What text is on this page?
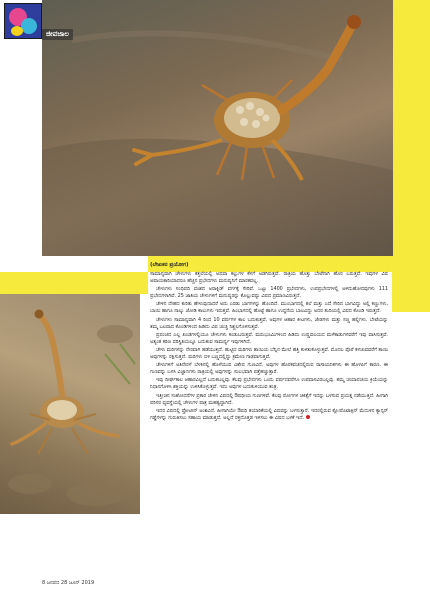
ಜೀವಜಾಲ
(ಲೇಖಕರ ಪ್ರಯೋಗ)

ಸಾಮಾನ್ಯವಾಗಿ ಚೇಳುಗಳು ಕತ್ತಲೆಯಲ್ಲಿ ಅಥವಾ ಕಲ್ಲುಗಳ ಕೆಳಗೆ ಅಡಗಿರುತ್ತವೆ. ರಾತ್ರಿಯ ಹೊತ್ತು ಬೇಟೆಗಾಗಿ ಹೊರ ಬರುತ್ತವೆ. ಇವುಗಳ ವಿಷ ಅಪಾಯಕಾರಿಯಾದರೂ ಹೆಚ್ಚಿನ ಪ್ರಭೇದಗಳು ಮನುಷ್ಯನಿಗೆ ಮಾರಕವಲ್ಲ.

ಚೇಳುಗಳು ಸಂಧಿಪದಿ ವಂಶದ ಅರಾಕ್ನಿಡ್ ವರ್ಗಕ್ಕೆ ಸೇರಿವೆ. ಒಟ್ಟು 1400 ಪ್ರಭೇದಗಳು, ಉಪಪ್ರಭೇದಗಳಲ್ಲಿ ಅಳಿದುಹೋದವುಗಳು 111 ಪ್ರಭೇದಗಳಾಗಿವೆ. 25 ಜಾತಿಯ ಚೇಳುಗಳಿಗೆ ಮನುಷ್ಯರನ್ನು ಕೊಲ್ಲುವಷ್ಟು ವಿಷದ ಪ್ರಮಾಣವಿರುತ್ತದೆ.

ಚೇಳಿನ ದೇಹದ ಕುರಿತು ಹೇಳುವುದಾದರೆ ಅದು ಎರಡು ಭಾಗಗಳನ್ನು ಹೊಂದಿದೆ. ಮುಂಭಾಗದಲ್ಲಿ ತಲೆ ಮತ್ತು ಎದೆ ಸೇರಿದ ಭಾಗವಿದ್ದು ಅಲ್ಲಿ ಕಣ್ಣುಗಳು, ಬಾಯಿ ಹಾಗೂ ನಾಲ್ಕು ಜೋಡಿ ಕಾಲುಗಳು ಇರುತ್ತವೆ. ಹಿಂಭಾಗದಲ್ಲಿ ಹೊಟ್ಟೆ ಹಾಗೂ ಉದ್ದನೆಯ ಬಾಲವಿದ್ದು ಅದರ ತುದಿಯಲ್ಲಿ ವಿಷದ ಕೊಂಡಿ ಇರುತ್ತದೆ.

ಚೇಳುಗಳು ಸಾಮಾನ್ಯವಾಗಿ 4 ರಿಂದ 10 ವರ್ಷಗಳ ಕಾಲ ಬದುಕುತ್ತವೆ. ಅವುಗಳ ಆಹಾರ ಕೀಟಗಳು, ಜೇಡಗಳು ಮತ್ತು ಸಣ್ಣ ಹಲ್ಲಿಗಳು. ಬೇಟೆಯನ್ನು ತಮ್ಮ ಬಲವಾದ ಕೊಂಡಿಗಳಿಂದ ಹಿಡಿದು ವಿಷ ಚುಚ್ಚಿ ನಿಶ್ಚಲಗೊಳಿಸುತ್ತವೆ.

ಪ್ರಪಂಚದ ಎಲ್ಲ ಖಂಡಗಳಲ್ಲಿಯೂ ಚೇಳುಗಳು ಕಂಡುಬರುತ್ತವೆ. ಮರುಭೂಮಿಗಳಿಂದ ಹಿಡಿದು ಉಷ್ಣವಲಯದ ಮಳೆಕಾಡುಗಳವರೆಗೆ ಇವು ವಾಸಿಸುತ್ತವೆ. ಅತ್ಯಂತ ಕಠಿಣ ಪರಿಸ್ಥಿತಿಯಲ್ಲೂ ಬದುಕುವ ಸಾಮರ್ಥ್ಯ ಇವುಗಳಿಗಿದೆ.

ಚೇಳು ಮರಿಗಳನ್ನು ನೇರವಾಗಿ ಹಡೆಯುತ್ತದೆ. ಹುಟ್ಟಿದ ಮರಿಗಳು ತಾಯಿಯ ಬೆನ್ನಿನ ಮೇಲೆ ಹತ್ತಿ ಕುಳಿತುಕೊಳ್ಳುತ್ತವೆ. ಮೊದಲ ಪೊರೆ ಕಳಚುವವರೆಗೆ ತಾಯಿ ಅವುಗಳನ್ನು ರಕ್ಷಿಸುತ್ತದೆ. ಮರಿಗಳು ಬಿಳಿ ಬಣ್ಣದಲ್ಲಿದ್ದು ಕ್ರಮೇಣ ಗಾಢವಾಗುತ್ತವೆ.

ಚೇಳುಗಳಿಗೆ ಅತಿನೇರಳೆ ಬೆಳಕಿನಲ್ಲಿ ಹೊಳೆಯುವ ವಿಶೇಷ ಗುಣವಿದೆ. ಅವುಗಳ ಹೊರಕವಚದಲ್ಲಿರುವ ರಾಸಾಯನಿಕಗಳು ಈ ಹೊಳಪಿಗೆ ಕಾರಣ. ಈ ಗುಣವನ್ನು ಬಳಸಿ ವಿಜ್ಞಾನಿಗಳು ರಾತ್ರಿಯಲ್ಲಿ ಅವುಗಳನ್ನು ಸುಲಭವಾಗಿ ಪತ್ತೆಹಚ್ಚುತ್ತಾರೆ.

ಇವು ದೀರ್ಘಕಾಲ ಆಹಾರವಿಲ್ಲದೆ ಬದುಕಬಲ್ಲವು. ಕೆಲವು ಪ್ರಭೇದಗಳು ಒಂದು ವರ್ಷದವರೆಗೂ ಉಪವಾಸವಿರಬಲ್ಲವು. ತಮ್ಮ ಚಯಾಪಚಯ ಕ್ರಿಯೆಯನ್ನು ನಿಧಾನಗೊಳಿಸಿ ಶಕ್ತಿಯನ್ನು ಉಳಿಸಿಕೊಳ್ಳುತ್ತವೆ. ಇದು ಅವುಗಳ ಬದುಕುಳಿಯುವ ತಂತ್ರ.

ಇತ್ತೀಚಿನ ಸಂಶೋಧನೆಗಳ ಪ್ರಕಾರ ಚೇಳಿನ ವಿಷದಲ್ಲಿ ಔಷಧೀಯ ಗುಣಗಳಿವೆ. ಕೆಲವು ರೋಗಗಳ ಚಿಕಿತ್ಸೆಗೆ ಇದನ್ನು ಬಳಸುವ ಪ್ರಯತ್ನ ನಡೆಯುತ್ತಿದೆ. ಹೀಗಾಗಿ ಪರಿಸರ ವ್ಯವಸ್ಥೆಯಲ್ಲಿ ಚೇಳುಗಳ ಪಾತ್ರ ಮಹತ್ವದ್ದಾಗಿದೆ.

ಇದರ ವಿಷದಲ್ಲಿ ಪ್ರೋಟೀನ್ ಅಂಶವಿದೆ. ಹೀಗಾಗಿಯೇ ಔಷಧಿ ತಯಾರಿಕೆಯಲ್ಲಿ ವಿಷವನ್ನು ಬಳಸುತ್ತಾರೆ. ಇದರಲ್ಲಿರುವ ಕ್ಲೋರೊಟಾಕ್ಸಿನ್ ಮೆದುಳಿನ ಕ್ಯಾನ್ಸರ್ ಗಡ್ಡೆಗಳನ್ನು ಗುರುತಿಸಲು ಸಹಾಯ ಮಾಡುತ್ತದೆ. ಅಲ್ಲದೆ ರಕ್ತದೊತ್ತಡ ಇಳಿಸಲು ಈ ವಿಷದ ಬಳಕೆ ಇದೆ.

8 ಜನಪದ 28 ಜೂನ್ 2019
